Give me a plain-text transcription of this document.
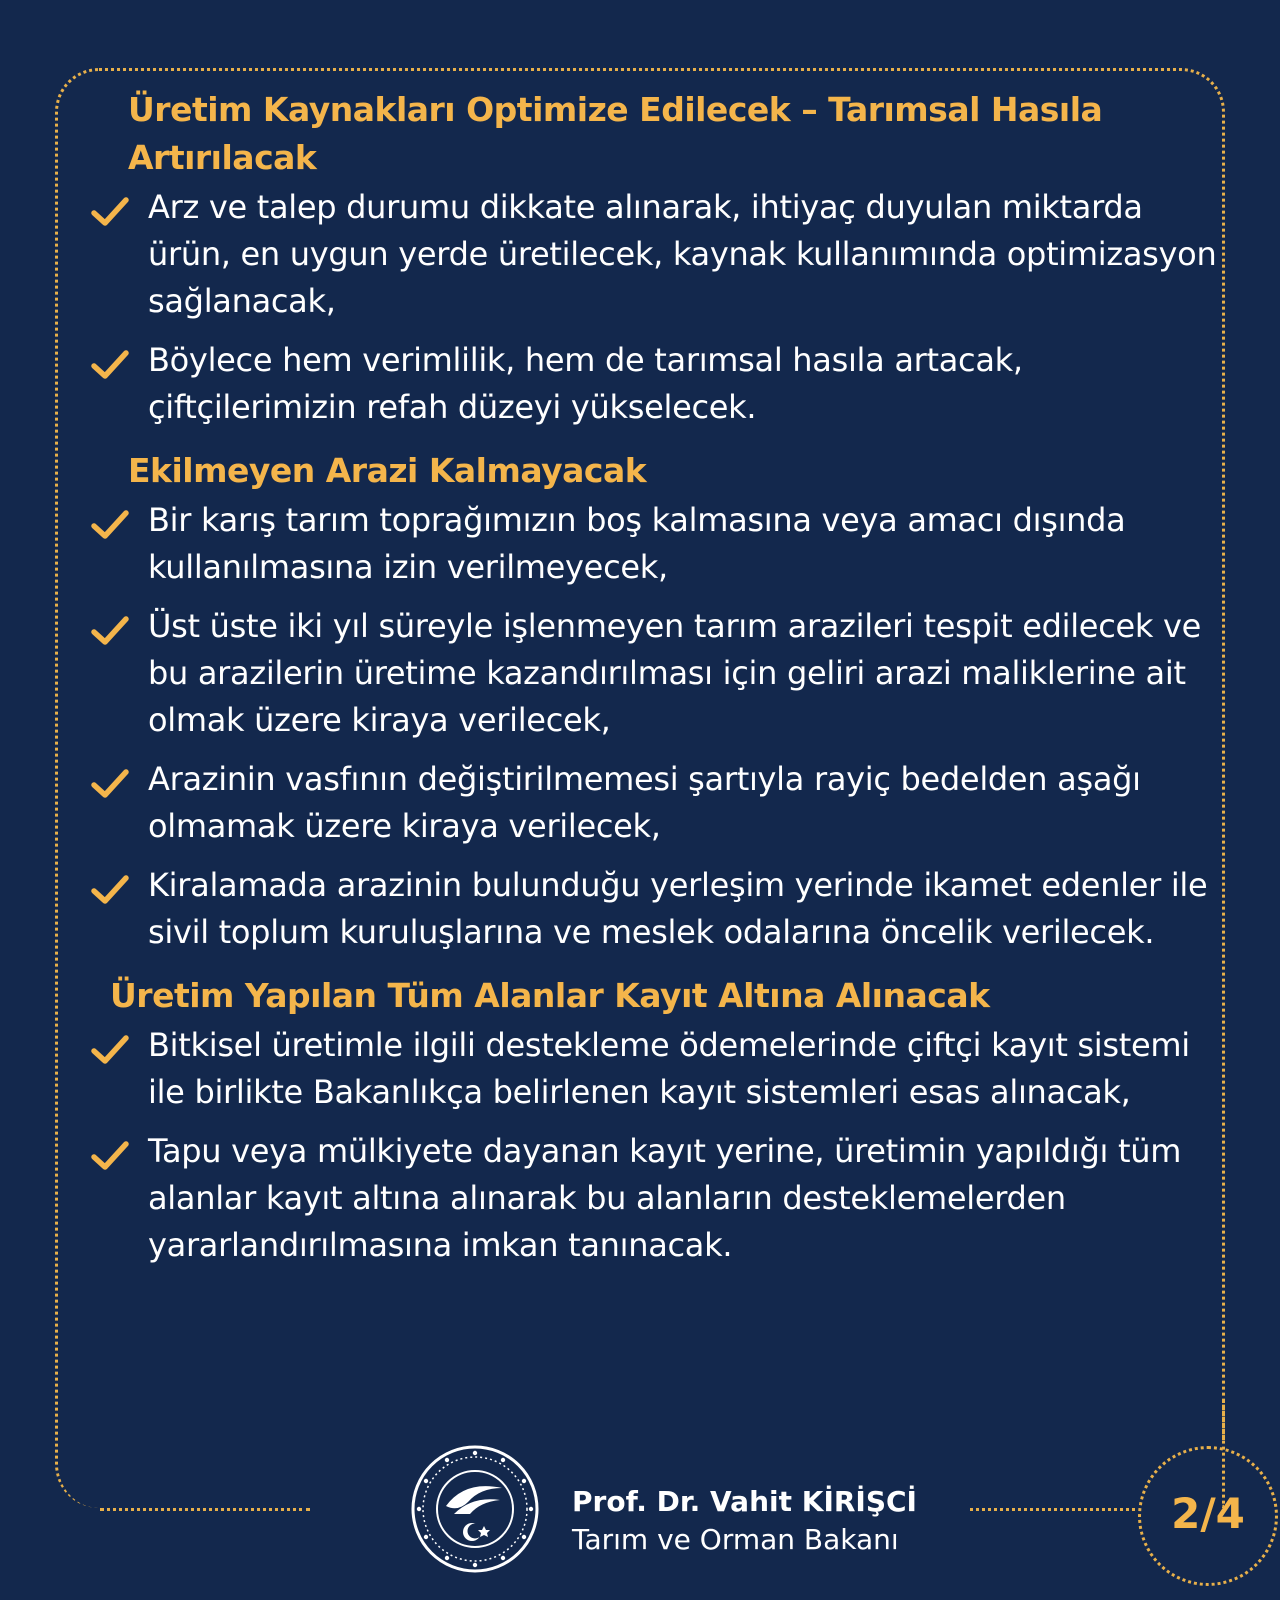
Üretim Kaynakları Optimize Edilecek – Tarımsal Hasıla Artırılacak
Arz ve talep durumu dikkate alınarak, ihtiyaç duyulan miktarda ürün, en uygun yerde üretilecek, kaynak kullanımında optimizasyon sağlanacak,
Böylece hem verimlilik, hem de tarımsal hasıla artacak, çiftçilerimizin refah düzeyi yükselecek.
Ekilmeyen Arazi Kalmayacak
Bir karış tarım toprağımızın boş kalmasına veya amacı dışında kullanılmasına izin verilmeyecek,
Üst üste iki yıl süreyle işlenmeyen tarım arazileri tespit edilecek ve bu arazilerin üretime kazandırılması için geliri arazi maliklerine ait olmak üzere kiraya verilecek,
Arazinin vasfının değiştirilmemesi şartıyla rayiç bedelden aşağı olmamak üzere kiraya verilecek,
Kiralamada arazinin bulunduğu yerleşim yerinde ikamet edenler ile sivil toplum kuruluşlarına ve meslek odalarına öncelik verilecek.
Üretim Yapılan Tüm Alanlar Kayıt Altına Alınacak
Bitkisel üretimle ilgili destekleme ödemelerinde çiftçi kayıt sistemi ile birlikte Bakanlıkça belirlenen kayıt sistemleri esas alınacak,
Tapu veya mülkiyete dayanan kayıt yerine, üretimin yapıldığı tüm alanlar kayıt altına alınarak bu alanların desteklemelerden yararlandırılmasına imkan tanınacak.
Prof. Dr. Vahit KİRİŞCİ
Tarım ve Orman Bakanı
2/4
